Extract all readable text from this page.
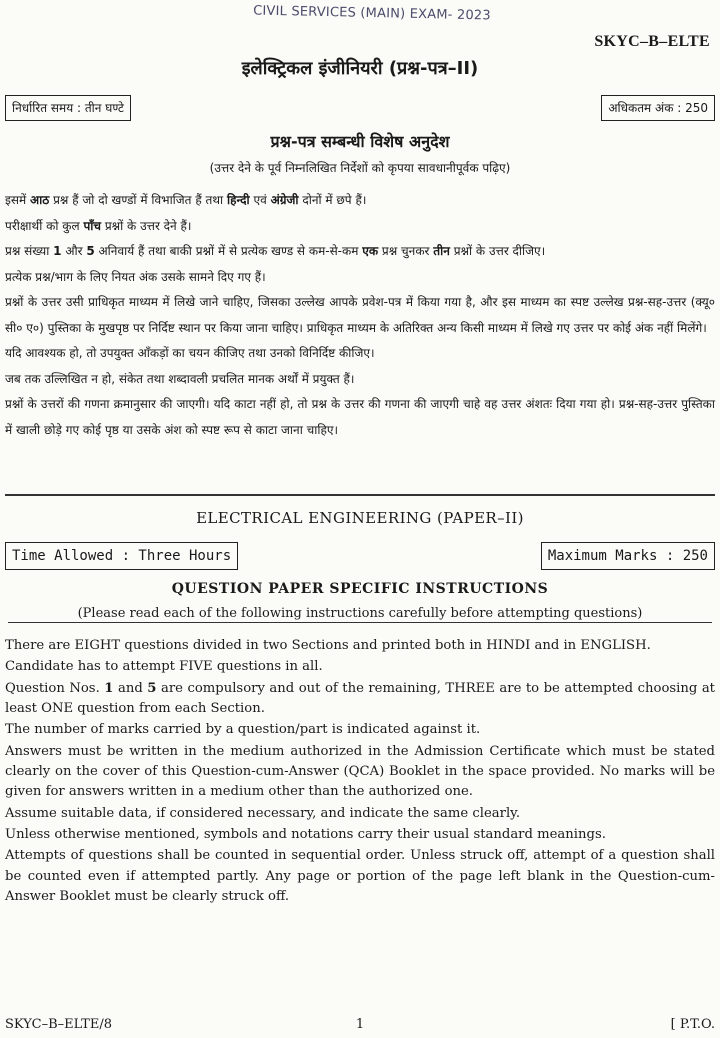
CIVIL SERVICES (MAIN) EXAM- 2023
SKYC–B–ELTE
इलेक्ट्रिकल इंजीनियरी (प्रश्न-पत्र–II)
निर्धारित समय : तीन घण्टे	अधिकतम अंक : 250
प्रश्न-पत्र सम्बन्धी विशेष अनुदेश
(उत्तर देने के पूर्व निम्नलिखित निर्देशों को कृपया सावधानीपूर्वक पढ़िए)

इसमें आठ प्रश्न हैं जो दो खण्डों में विभाजित हैं तथा हिन्दी एवं अंग्रेजी दोनों में छपे हैं।

परीक्षार्थी को कुल पाँच प्रश्नों के उत्तर देने हैं।

प्रश्न संख्या 1 और 5 अनिवार्य हैं तथा बाकी प्रश्नों में से प्रत्येक खण्ड से कम-से-कम एक प्रश्न चुनकर तीन प्रश्नों के उत्तर दीजिए।

प्रत्येक प्रश्न/भाग के लिए नियत अंक उसके सामने दिए गए हैं।

प्रश्नों के उत्तर उसी प्राधिकृत माध्यम में लिखे जाने चाहिए, जिसका उल्लेख आपके प्रवेश-पत्र में किया गया है, और इस माध्यम का स्पष्ट उल्लेख प्रश्न-सह-उत्तर (क्यू० सी० ए०) पुस्तिका के मुखपृष्ठ पर निर्दिष्ट स्थान पर किया जाना चाहिए। प्राधिकृत माध्यम के अतिरिक्त अन्य किसी माध्यम में लिखे गए उत्तर पर कोई अंक नहीं मिलेंगे।

यदि आवश्यक हो, तो उपयुक्त आँकड़ों का चयन कीजिए तथा उनको विनिर्दिष्ट कीजिए।

जब तक उल्लिखित न हो, संकेत तथा शब्दावली प्रचलित मानक अर्थों में प्रयुक्त हैं।

प्रश्नों के उत्तरों की गणना क्रमानुसार की जाएगी। यदि काटा नहीं हो, तो प्रश्न के उत्तर की गणना की जाएगी चाहे वह उत्तर अंशतः दिया गया हो। प्रश्न-सह-उत्तर पुस्तिका में खाली छोड़े गए कोई पृष्ठ या उसके अंश को स्पष्ट रूप से काटा जाना चाहिए।

ELECTRICAL ENGINEERING (PAPER–II)
Time Allowed : Three Hours	Maximum Marks : 250
QUESTION PAPER SPECIFIC INSTRUCTIONS
(Please read each of the following instructions carefully before attempting questions)

There are EIGHT questions divided in two Sections and printed both in HINDI and in ENGLISH.

Candidate has to attempt FIVE questions in all.

Question Nos. 1 and 5 are compulsory and out of the remaining, THREE are to be attempted choosing at least ONE question from each Section.

The number of marks carried by a question/part is indicated against it.

Answers must be written in the medium authorized in the Admission Certificate which must be stated clearly on the cover of this Question-cum-Answer (QCA) Booklet in the space provided. No marks will be given for answers written in a medium other than the authorized one.

Assume suitable data, if considered necessary, and indicate the same clearly.

Unless otherwise mentioned, symbols and notations carry their usual standard meanings.

Attempts of questions shall be counted in sequential order. Unless struck off, attempt of a question shall be counted even if attempted partly. Any page or portion of the page left blank in the Question-cum-Answer Booklet must be clearly struck off.

SKYC–B–ELTE/8	1	[ P.T.O.
